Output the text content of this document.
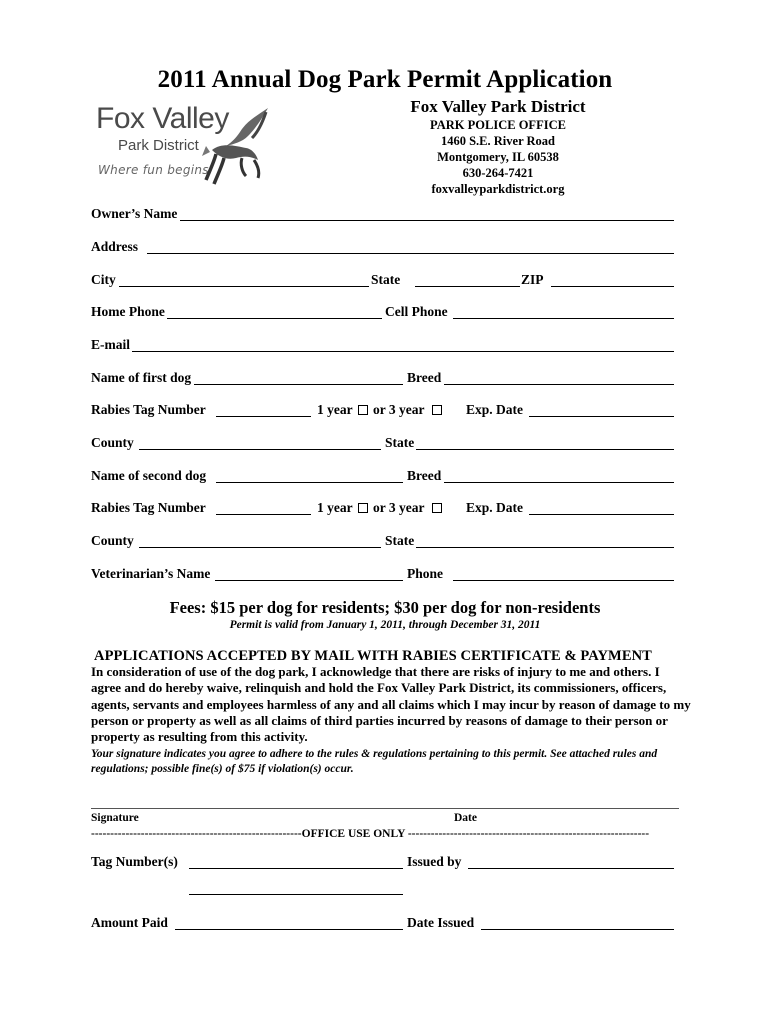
2011 Annual Dog Park Permit Application
Fox Valley
Park District
Where fun begins
Fox Valley Park District
PARK POLICE OFFICE
1460 S.E. River Road
Montgomery, IL 60538
630-264-7421
foxvalleyparkdistrict.org
Owner’s Name
Address
City	State	ZIP
Home Phone	Cell Phone
E-mail
Name of first dog	Breed
Rabies Tag Number	1 year or 3 year	Exp. Date
County	State
Name of second dog	Breed
Rabies Tag Number	1 year or 3 year	Exp. Date
County	State
Veterinarian’s Name	Phone
Fees: $15 per dog for residents; $30 per dog for non-residents
Permit is valid from January 1, 2011, through December 31, 2011
APPLICATIONS ACCEPTED BY MAIL WITH RABIES CERTIFICATE & PAYMENT
In consideration of use of the dog park, I acknowledge that there are risks of injury to me and others. I agree and do hereby waive, relinquish and hold the Fox Valley Park District, its commissioners, officers, agents, servants and employees harmless of any and all claims which I may incur by reason of damage to my person or property as well as all claims of third parties incurred by reasons of damage to their person or property as resulting from this activity.
Your signature indicates you agree to adhere to the rules & regulations pertaining to this permit. See attached rules and regulations; possible fine(s) of $75 if violation(s) occur.
Signature	Date
-------------------------------------------------------OFFICE USE ONLY ---------------------------------------------------------------
Tag Number(s)	Issued by
Amount Paid	Date Issued
